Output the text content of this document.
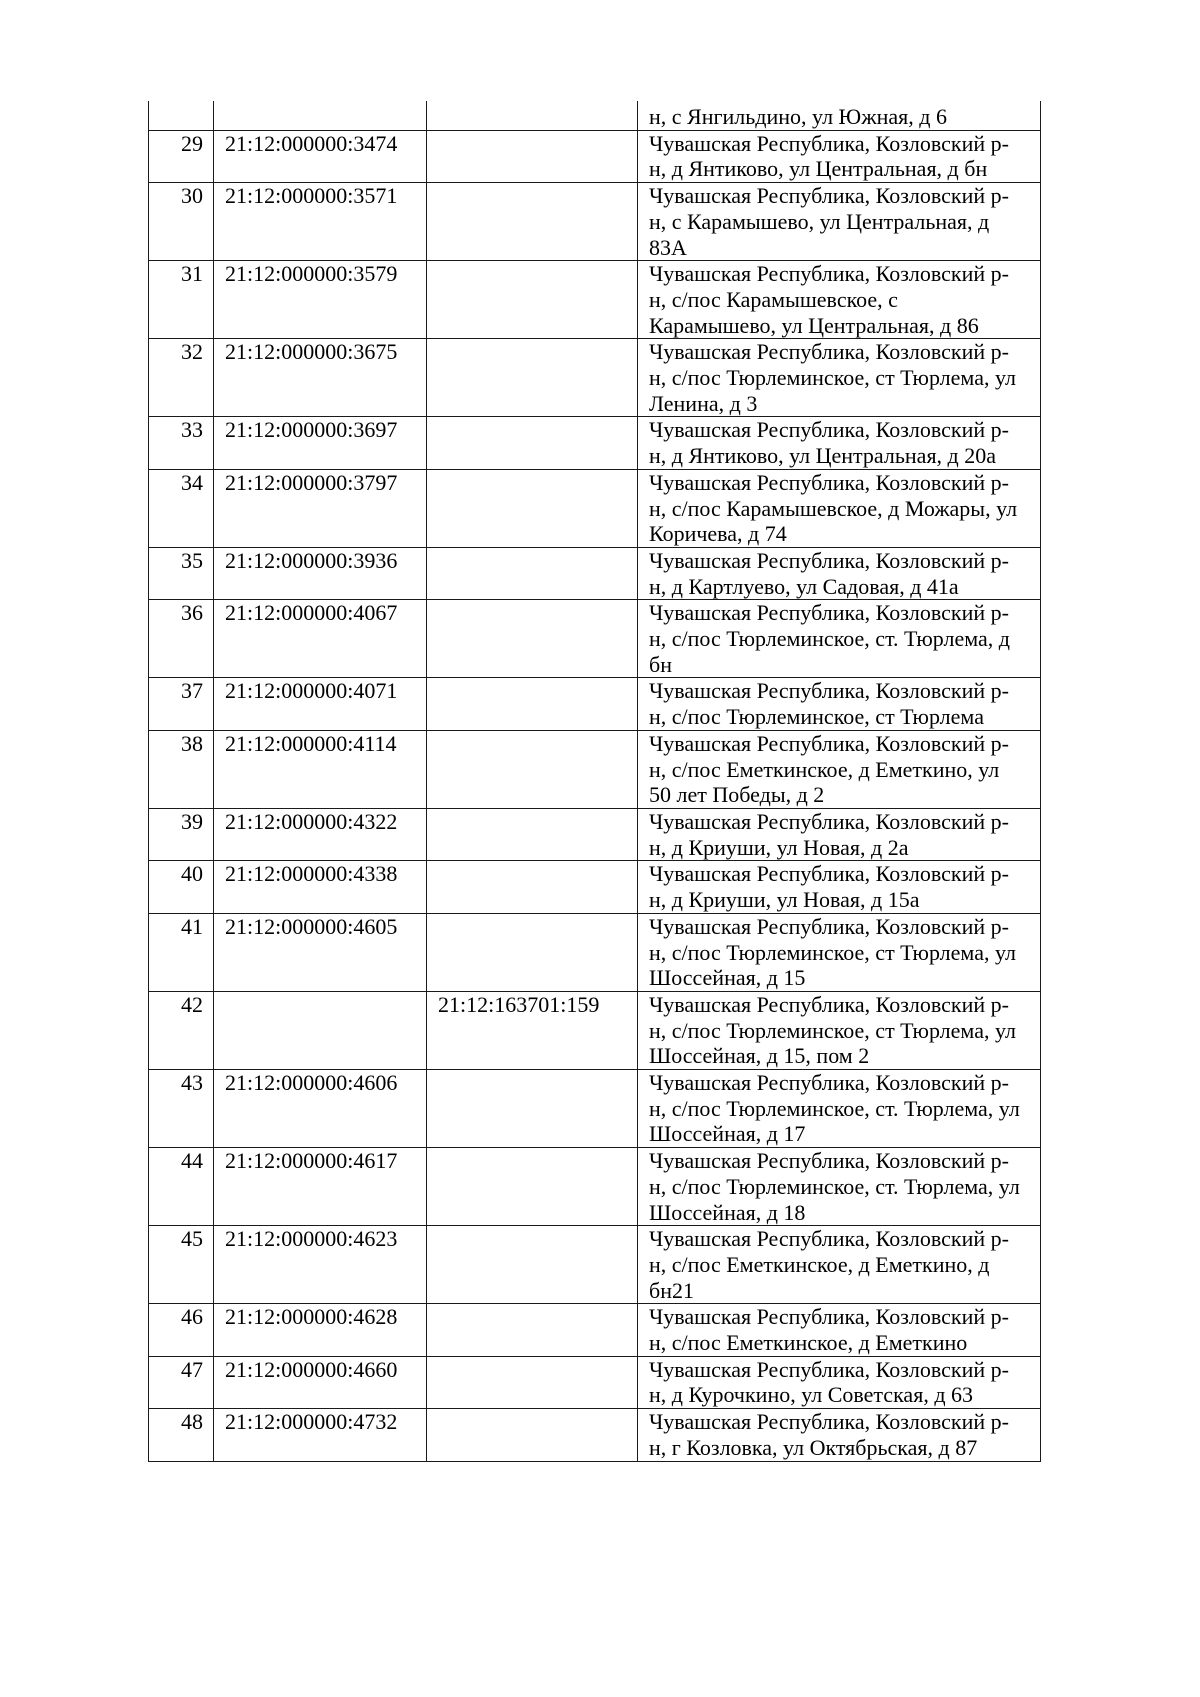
			н, с Янгильдино, ул Южная, д 6

29	21:12:000000:3474		Чувашская Республика, Козловский р-
н, д Янтиково, ул Центральная, д бн

30	21:12:000000:3571		Чувашская Республика, Козловский р-
н, с Карамышево, ул Центральная, д
83А

31	21:12:000000:3579		Чувашская Республика, Козловский р-
н, с/пос Карамышевское, с
Карамышево, ул Центральная, д 86

32	21:12:000000:3675		Чувашская Республика, Козловский р-
н, с/пос Тюрлеминское, ст Тюрлема, ул
Ленина, д 3

33	21:12:000000:3697		Чувашская Республика, Козловский р-
н, д Янтиково, ул Центральная, д 20а

34	21:12:000000:3797		Чувашская Республика, Козловский р-
н, с/пос Карамышевское, д Можары, ул
Коричева, д 74

35	21:12:000000:3936		Чувашская Республика, Козловский р-
н, д Картлуево, ул Садовая, д 41а

36	21:12:000000:4067		Чувашская Республика, Козловский р-
н, с/пос Тюрлеминское, ст. Тюрлема, д
бн

37	21:12:000000:4071		Чувашская Республика, Козловский р-
н, с/пос Тюрлеминское, ст Тюрлема

38	21:12:000000:4114		Чувашская Республика, Козловский р-
н, с/пос Еметкинское, д Еметкино, ул
50 лет Победы, д 2

39	21:12:000000:4322		Чувашская Республика, Козловский р-
н, д Криуши, ул Новая, д 2а

40	21:12:000000:4338		Чувашская Республика, Козловский р-
н, д Криуши, ул Новая, д 15а

41	21:12:000000:4605		Чувашская Республика, Козловский р-
н, с/пос Тюрлеминское, ст Тюрлема, ул
Шоссейная, д 15

42		21:12:163701:159	Чувашская Республика, Козловский р-
н, с/пос Тюрлеминское, ст Тюрлема, ул
Шоссейная, д 15, пом 2

43	21:12:000000:4606		Чувашская Республика, Козловский р-
н, с/пос Тюрлеминское, ст. Тюрлема, ул
Шоссейная, д 17

44	21:12:000000:4617		Чувашская Республика, Козловский р-
н, с/пос Тюрлеминское, ст. Тюрлема, ул
Шоссейная, д 18

45	21:12:000000:4623		Чувашская Республика, Козловский р-
н, с/пос Еметкинское, д Еметкино, д
бн21

46	21:12:000000:4628		Чувашская Республика, Козловский р-
н, с/пос Еметкинское, д Еметкино

47	21:12:000000:4660		Чувашская Республика, Козловский р-
н, д Курочкино, ул Советская, д 63

48	21:12:000000:4732		Чувашская Республика, Козловский р-
н, г Козловка, ул Октябрьская, д 87
